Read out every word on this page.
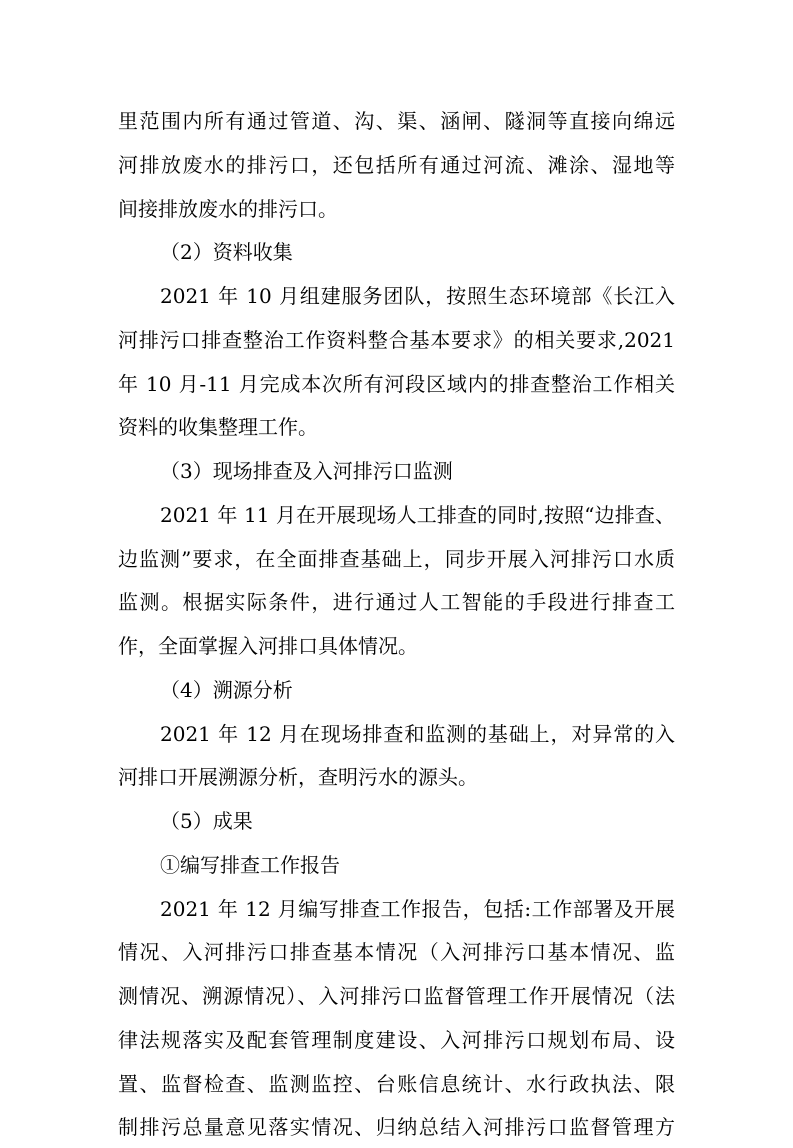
里范围内所有通过管道、沟、渠、涵闸、隧洞等直接向绵远
河排放废水的排污口，还包括所有通过河流、滩涂、湿地等
间接排放废水的排污口。
（2）资料收集
2021 年 10 月组建服务团队，按照生态环境部《长江入
河排污口排查整治工作资料整合基本要求》的相关要求,2021
年 10 月-11 月完成本次所有河段区域内的排查整治工作相关
资料的收集整理工作。
（3）现场排查及入河排污口监测
2021 年 11 月在开展现场人工排查的同时,按照“边排查、
边监测”要求，在全面排查基础上，同步开展入河排污口水质
监测。根据实际条件，进行通过人工智能的手段进行排查工
作，全面掌握入河排口具体情况。
（4）溯源分析
2021 年 12 月在现场排查和监测的基础上，对异常的入
河排口开展溯源分析，查明污水的源头。
（5）成果
①编写排查工作报告
2021 年 12 月编写排查工作报告，包括:工作部署及开展
情况、入河排污口排查基本情况（入河排污口基本情况、监
测情况、溯源情况）、入河排污口监督管理工作开展情况（法
律法规落实及配套管理制度建设、入河排污口规划布局、设
置、监督检查、监测监控、台账信息统计、水行政执法、限
制排污总量意见落实情况、归纳总结入河排污口监督管理方
